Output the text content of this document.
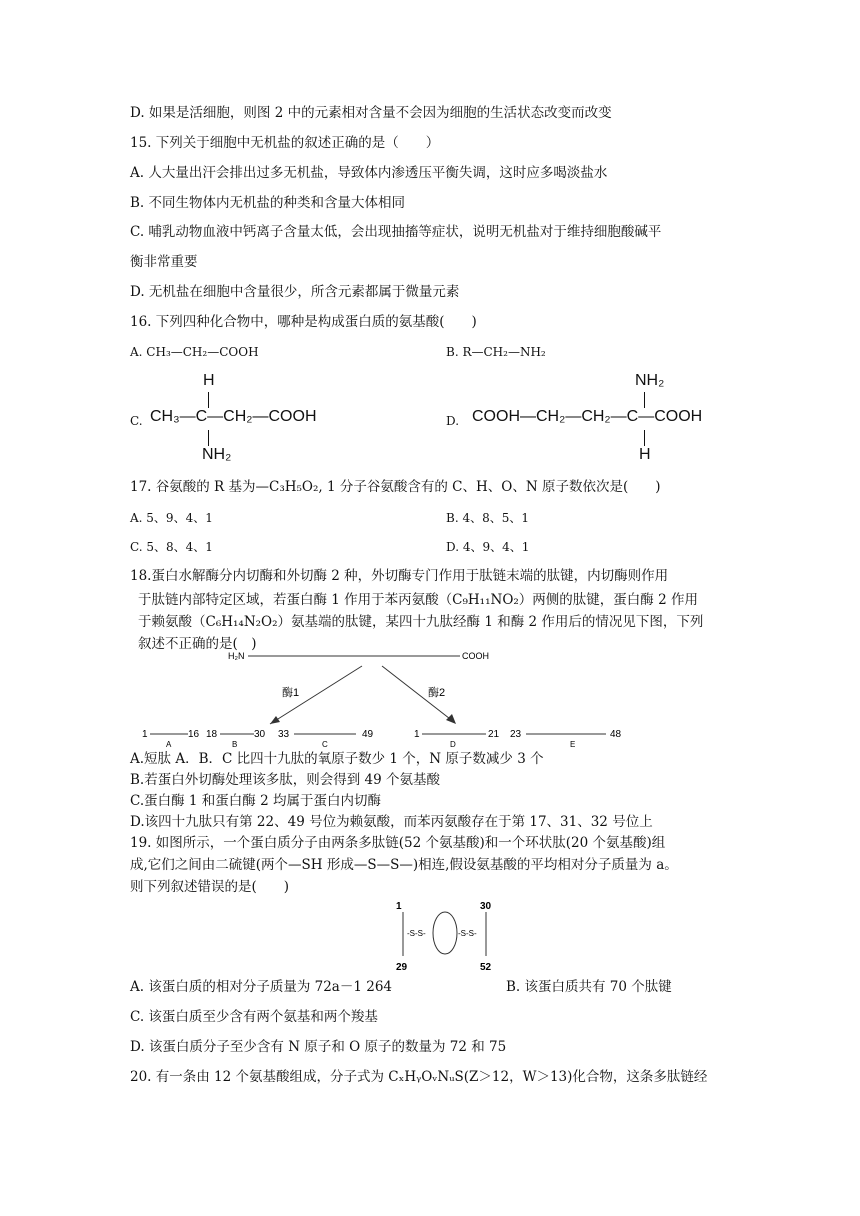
D. 如果是活细胞，则图 2 中的元素相对含量不会因为细胞的生活状态改变而改变
15. 下列关于细胞中无机盐的叙述正确的是（　　）
A. 人大量出汗会排出过多无机盐，导致体内渗透压平衡失调，这时应多喝淡盐水
B. 不同生物体内无机盐的种类和含量大体相同
C. 哺乳动物血液中钙离子含量太低，会出现抽搐等症状，说明无机盐对于维持细胞酸碱平
衡非常重要
D. 无机盐在细胞中含量很少，所含元素都属于微量元素
16. 下列四种化合物中，哪种是构成蛋白质的氨基酸(　　)
A. CH₃—CH₂—COOH	B. R—CH₂—NH₂
C.
H
CH₃—C—CH₂—COOH
NH₂
D.
NH₂
COOH—CH₂—CH₂—C—COOH
H
17. 谷氨酸的 R 基为—C₃H₅O₂, 1 分子谷氨酸含有的 C、H、O、N 原子数依次是(　　)
A. 5、9、4、1	B. 4、8、5、1
C. 5、8、4、1	D. 4、9、4、1
18.蛋白水解酶分内切酶和外切酶 2 种，外切酶专门作用于肽链末端的肽键，内切酶则作用
于肽链内部特定区域，若蛋白酶 1 作用于苯丙氨酸（C₉H₁₁NO₂）两侧的肽键，蛋白酶 2 作用
于赖氨酸（C₆H₁₄N₂O₂）氨基端的肽键，某四十九肽经酶 1 和酶 2 作用后的情况见下图，下列
叙述不正确的是(　)
H₂N	COOH
酶1	酶2
1	16
A
18	30
B
33	49
C
1	21
D
23	48
E
A.短肽 A．B．C 比四十九肽的氧原子数少 1 个，N 原子数减少 3 个
B.若蛋白外切酶处理该多肽，则会得到 49 个氨基酸
C.蛋白酶 1 和蛋白酶 2 均属于蛋白内切酶
D.该四十九肽只有第 22、49 号位为赖氨酸，而苯丙氨酸存在于第 17、31、32 号位上
19. 如图所示，一个蛋白质分子由两条多肽链(52 个氨基酸)和一个环状肽(20 个氨基酸)组
成,它们之间由二硫键(两个—SH 形成—S—S—)相连,假设氨基酸的平均相对分子质量为 a。
则下列叙述错误的是(　　)
1
29
-S-S-	-S-S-
30
52
A. 该蛋白质的相对分子质量为 72a－1 264	B. 该蛋白质共有 70 个肽键
C. 该蛋白质至少含有两个氨基和两个羧基
D. 该蛋白质分子至少含有 N 原子和 O 原子的数量为 72 和 75
20. 有一条由 12 个氨基酸组成，分子式为 CₓHᵧOᵥNᵤS(Z＞12，W＞13)化合物，这条多肽链经
